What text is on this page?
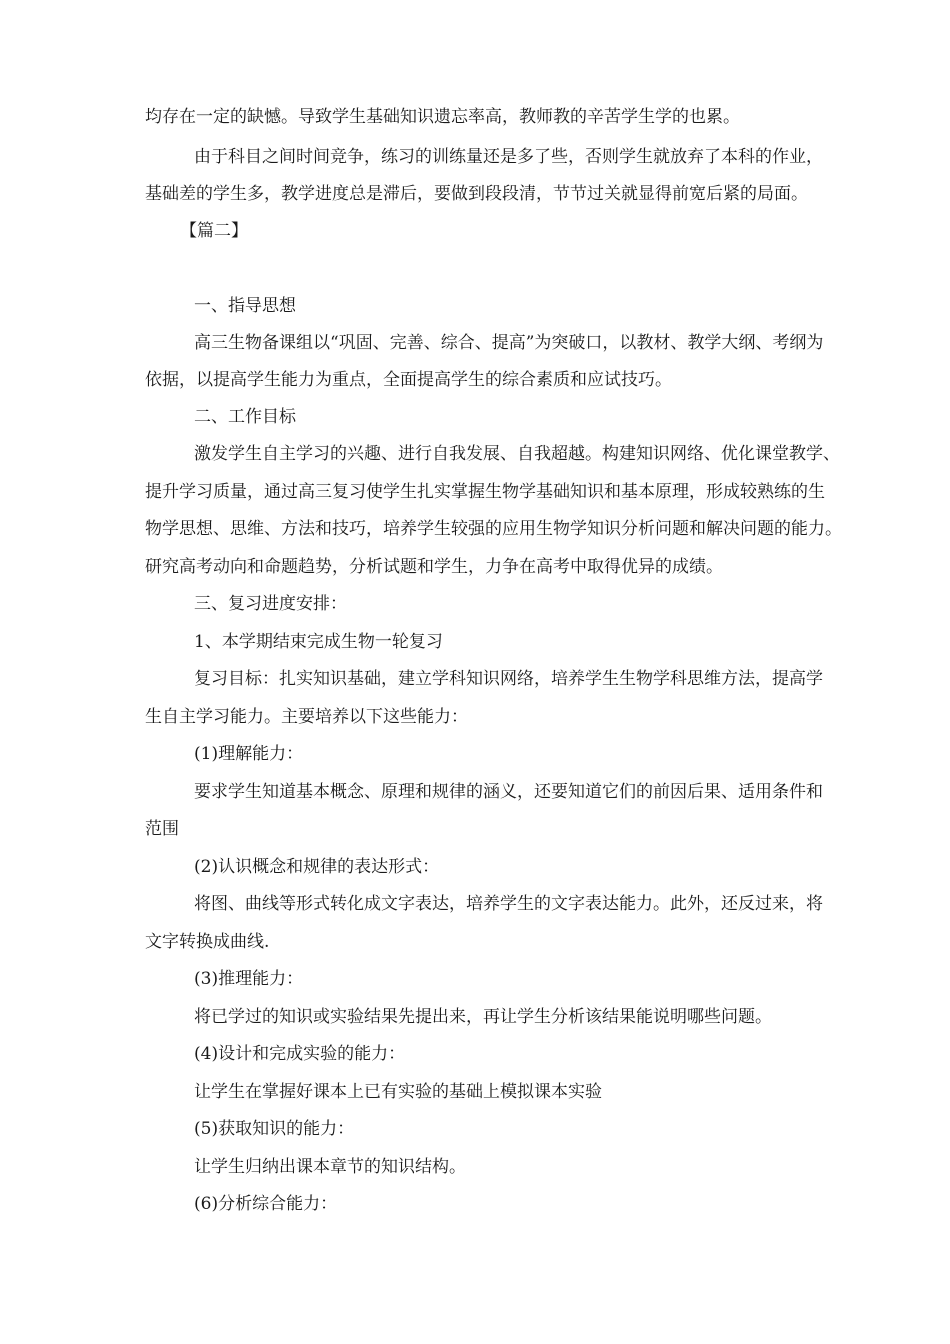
均存在一定的缺憾。导致学生基础知识遗忘率高，教师教的辛苦学生学的也累。

由于科目之间时间竞争，练习的训练量还是多了些，否则学生就放弃了本科的作业，

基础差的学生多，教学进度总是滞后，要做到段段清，节节过关就显得前宽后紧的局面。

【篇二】

一、指导思想

高三生物备课组以“巩固、完善、综合、提高”为突破口，以教材、教学大纲、考纲为

依据，以提高学生能力为重点，全面提高学生的综合素质和应试技巧。

二、工作目标

激发学生自主学习的兴趣、进行自我发展、自我超越。构建知识网络、优化课堂教学、

提升学习质量，通过高三复习使学生扎实掌握生物学基础知识和基本原理，形成较熟练的生

物学思想、思维、方法和技巧，培养学生较强的应用生物学知识分析问题和解决问题的能力。

研究高考动向和命题趋势，分析试题和学生，力争在高考中取得优异的成绩。

三、复习进度安排：

1、本学期结束完成生物一轮复习

复习目标：扎实知识基础，建立学科知识网络，培养学生生物学科思维方法，提高学

生自主学习能力。主要培养以下这些能力：

(1)理解能力：

要求学生知道基本概念、原理和规律的涵义，还要知道它们的前因后果、适用条件和

范围

(2)认识概念和规律的表达形式：

将图、曲线等形式转化成文字表达，培养学生的文字表达能力。此外，还反过来，将

文字转换成曲线.

(3)推理能力：

将已学过的知识或实验结果先提出来，再让学生分析该结果能说明哪些问题。

(4)设计和完成实验的能力：

让学生在掌握好课本上已有实验的基础上模拟课本实验

(5)获取知识的能力：

让学生归纳出课本章节的知识结构。

(6)分析综合能力：
